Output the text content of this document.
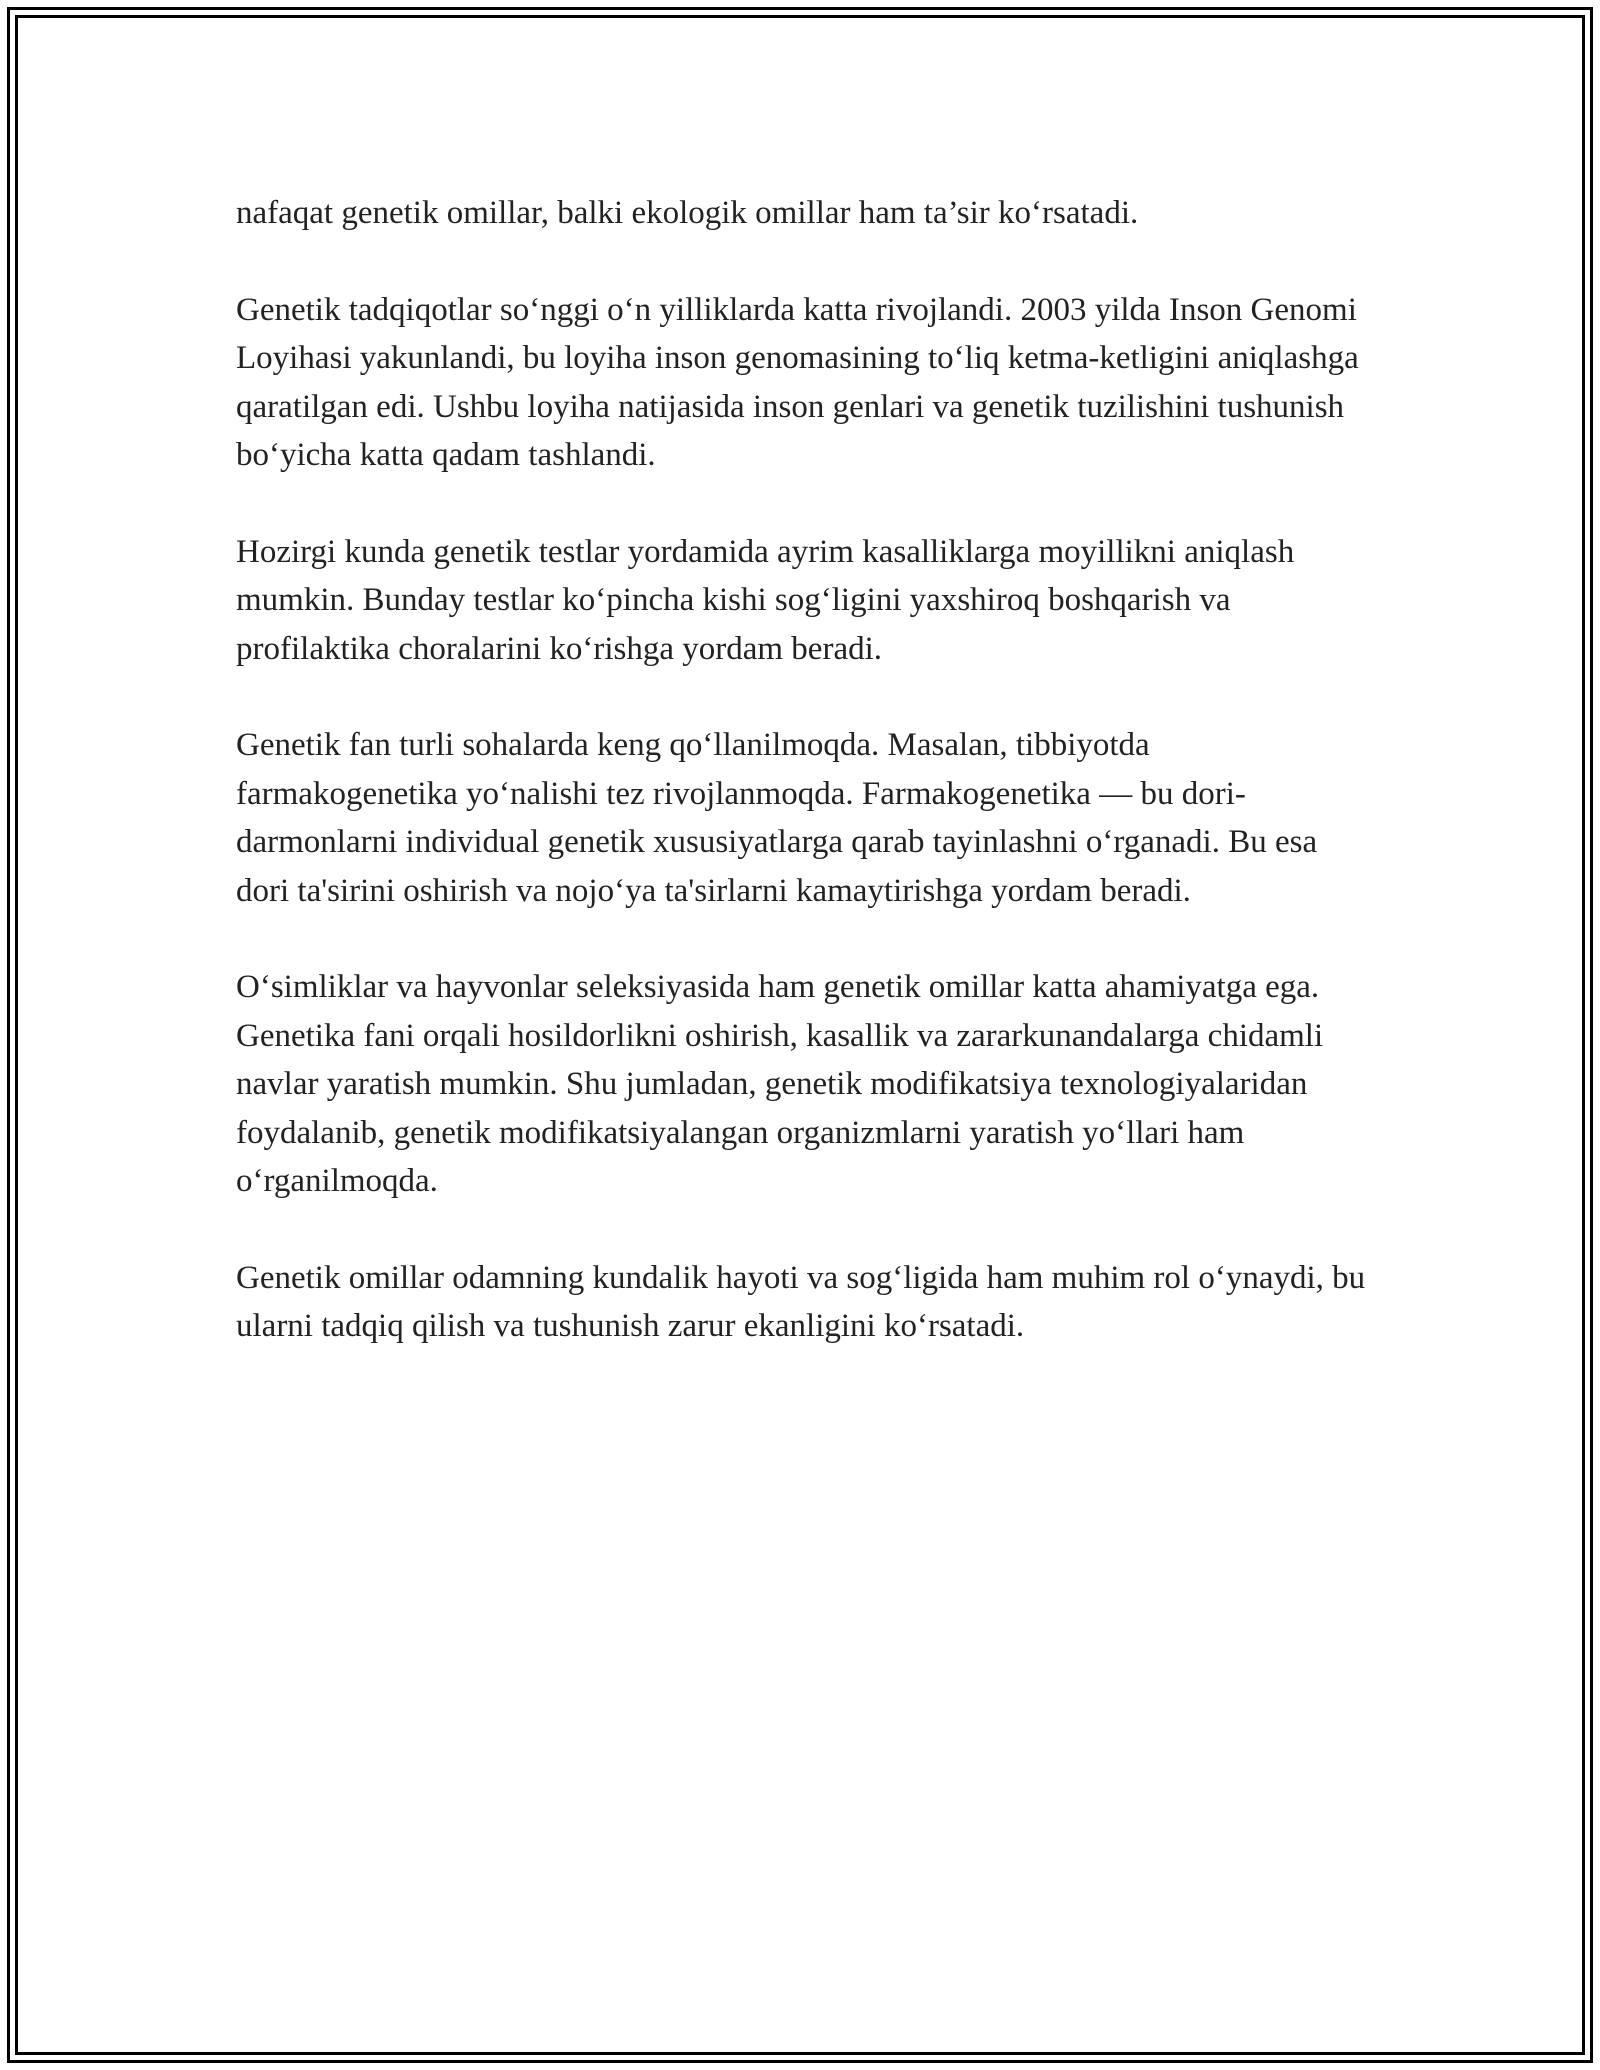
nafaqat genetik omillar, balki ekologik omillar ham ta’sir ko‘rsatadi.

Genetik tadqiqotlar so‘nggi o‘n yilliklarda katta rivojlandi. 2003 yilda Inson Genomi Loyihasi yakunlandi, bu loyiha inson genomasining to‘liq ketma-ketligini aniqlashga qaratilgan edi. Ushbu loyiha natijasida inson genlari va genetik tuzilishini tushunish bo‘yicha katta qadam tashlandi.

Hozirgi kunda genetik testlar yordamida ayrim kasalliklarga moyillikni aniqlash mumkin. Bunday testlar ko‘pincha kishi sog‘ligini yaxshiroq boshqarish va profilaktika choralarini ko‘rishga yordam beradi.

Genetik fan turli sohalarda keng qo‘llanilmoqda. Masalan, tibbiyotda farmakogenetika yo‘nalishi tez rivojlanmoqda. Farmakogenetika — bu dori-darmonlarni individual genetik xususiyatlarga qarab tayinlashni o‘rganadi. Bu esa dori ta'sirini oshirish va nojo‘ya ta'sirlarni kamaytirishga yordam beradi.

O‘simliklar va hayvonlar seleksiyasida ham genetik omillar katta ahamiyatga ega. Genetika fani orqali hosildorlikni oshirish, kasallik va zararkunandalarga chidamli navlar yaratish mumkin. Shu jumladan, genetik modifikatsiya texnologiyalaridan foydalanib, genetik modifikatsiyalangan organizmlarni yaratish yo‘llari ham o‘rganilmoqda.

Genetik omillar odamning kundalik hayoti va sog‘ligida ham muhim rol o‘ynaydi, bu ularni tadqiq qilish va tushunish zarur ekanligini ko‘rsatadi.
